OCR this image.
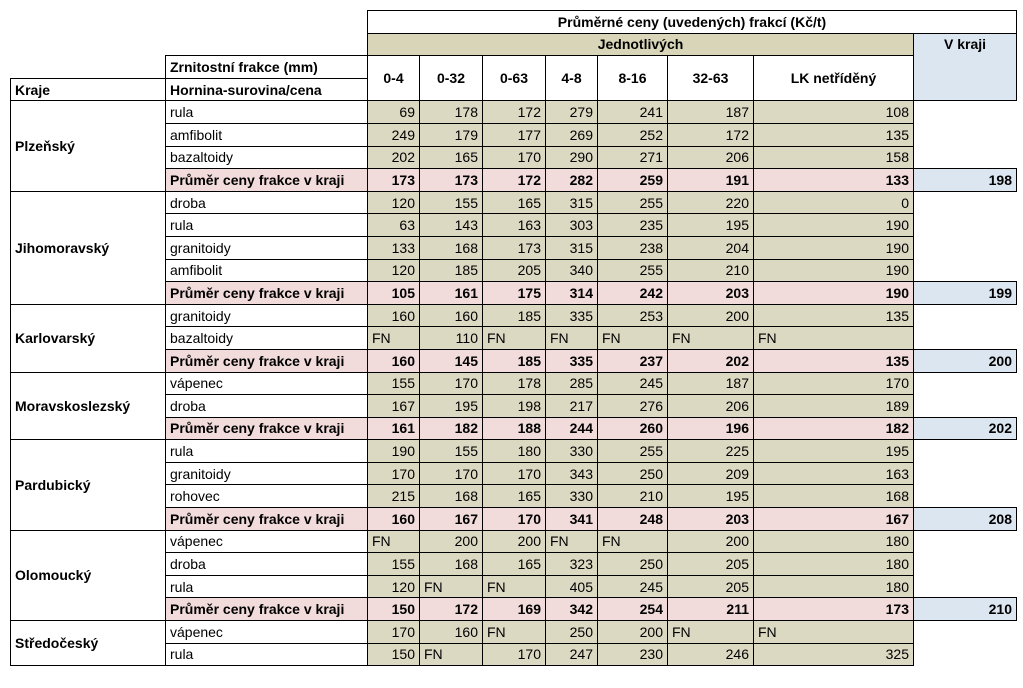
		Průměrné ceny (uvedených) frakcí (Kč/t)							
		Jednotlivých							V kraji
	Zrnitostní frakce (mm)	0-4	0-32	0-63	4-8	8-16	32-63	LK netříděný	
Kraje	Hornina-surovina/cena								
Plzeňský	rula	69	178	172	279	241	187	108	
	amfibolit	249	179	177	269	252	172	135	
	bazaltoidy	202	165	170	290	271	206	158	
	Průměr ceny frakce v kraji	173	173	172	282	259	191	133	198
Jihomoravský	droba	120	155	165	315	255	220	0	
	rula	63	143	163	303	235	195	190	
	granitoidy	133	168	173	315	238	204	190	
	amfibolit	120	185	205	340	255	210	190	
	Průměr ceny frakce v kraji	105	161	175	314	242	203	190	199
Karlovarský	granitoidy	160	160	185	335	253	200	135	
	bazaltoidy	FN	110	FN	FN	FN	FN	FN	
	Průměr ceny frakce v kraji	160	145	185	335	237	202	135	200
Moravskoslezský	vápenec	155	170	178	285	245	187	170	
	droba	167	195	198	217	276	206	189	
	Průměr ceny frakce v kraji	161	182	188	244	260	196	182	202
Pardubický	rula	190	155	180	330	255	225	195	
	granitoidy	170	170	170	343	250	209	163	
	rohovec	215	168	165	330	210	195	168	
	Průměr ceny frakce v kraji	160	167	170	341	248	203	167	208
Olomoucký	vápenec	FN	200	200	FN	FN	200	180	
	droba	155	168	165	323	250	205	180	
	rula	120	FN	FN	405	245	205	180	
	Průměr ceny frakce v kraji	150	172	169	342	254	211	173	210
Středočeský	vápenec	170	160	FN	250	200	FN	FN	
	rula	150	FN	170	247	230	246	325	
